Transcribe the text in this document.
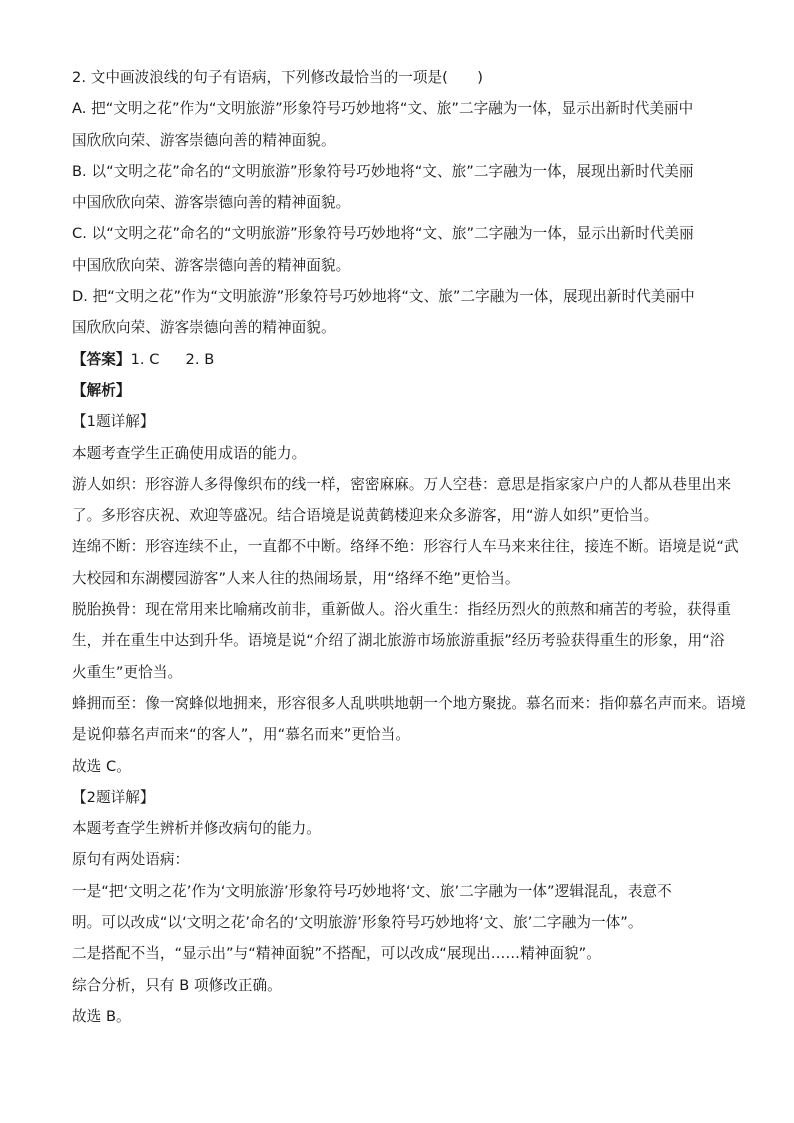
2. 文中画波浪线的句子有语病，下列修改最恰当的一项是(　　)
A. 把“文明之花”作为“文明旅游”形象符号巧妙地将“文、旅”二字融为一体，显示出新时代美丽中
国欣欣向荣、游客崇德向善的精神面貌。
B. 以“文明之花”命名的“文明旅游”形象符号巧妙地将“文、旅”二字融为一体，展现出新时代美丽
中国欣欣向荣、游客崇德向善的精神面貌。
C. 以“文明之花”命名的“文明旅游”形象符号巧妙地将“文、旅”二字融为一体，显示出新时代美丽
中国欣欣向荣、游客崇德向善的精神面貌。
D. 把“文明之花”作为“文明旅游”形象符号巧妙地将“文、旅”二字融为一体，展现出新时代美丽中
国欣欣向荣、游客崇德向善的精神面貌。
【答案】1. C 2. B
【解析】
【1题详解】
本题考查学生正确使用成语的能力。
游人如织：形容游人多得像织布的线一样，密密麻麻。万人空巷：意思是指家家户户的人都从巷里出来
了。多形容庆祝、欢迎等盛况。结合语境是说黄鹤楼迎来众多游客，用“游人如织”更恰当。
连绵不断：形容连续不止，一直都不中断。络绎不绝：形容行人车马来来往往，接连不断。语境是说“武
大校园和东湖樱园游客”人来人往的热闹场景，用“络绎不绝”更恰当。
脱胎换骨：现在常用来比喻痛改前非，重新做人。浴火重生：指经历烈火的煎熬和痛苦的考验，获得重
生，并在重生中达到升华。语境是说“介绍了湖北旅游市场旅游重振”经历考验获得重生的形象，用“浴
火重生”更恰当。
蜂拥而至：像一窝蜂似地拥来，形容很多人乱哄哄地朝一个地方聚拢。慕名而来：指仰慕名声而来。语境
是说仰慕名声而来“的客人”，用“慕名而来”更恰当。
故选 C。
【2题详解】
本题考查学生辨析并修改病句的能力。
原句有两处语病：
一是“把‘文明之花’作为‘文明旅游’形象符号巧妙地将‘文、旅’二字融为一体”逻辑混乱，表意不
明。可以改成“以‘文明之花’命名的‘文明旅游’形象符号巧妙地将‘文、旅’二字融为一体”。
二是搭配不当，“显示出”与“精神面貌”不搭配，可以改成“展现出……精神面貌”。
综合分析，只有 B 项修改正确。
故选 B。
